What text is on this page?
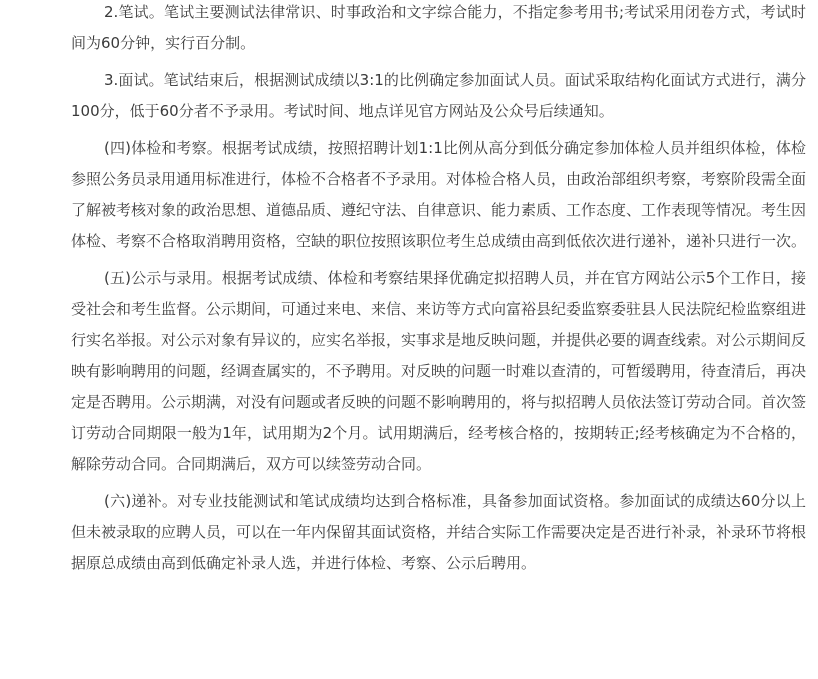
2.笔试。笔试主要测试法律常识、时事政治和文字综合能力，不指定参考用书;考试采用闭卷方式，考试时间为60分钟，实行百分制。

3.面试。笔试结束后，根据测试成绩以3:1的比例确定参加面试人员。面试采取结构化面试方式进行，满分100分，低于60分者不予录用。考试时间、地点详见官方网站及公众号后续通知。

(四)体检和考察。根据考试成绩，按照招聘计划1:1比例从高分到低分确定参加体检人员并组织体检，体检参照公务员录用通用标准进行，体检不合格者不予录用。对体检合格人员，由政治部组织考察，考察阶段需全面了解被考核对象的政治思想、道德品质、遵纪守法、自律意识、能力素质、工作态度、工作表现等情况。考生因体检、考察不合格取消聘用资格，空缺的职位按照该职位考生总成绩由高到低依次进行递补，递补只进行一次。

(五)公示与录用。根据考试成绩、体检和考察结果择优确定拟招聘人员，并在官方网站公示5个工作日，接受社会和考生监督。公示期间，可通过来电、来信、来访等方式向富裕县纪委监察委驻县人民法院纪检监察组进行实名举报。对公示对象有异议的，应实名举报，实事求是地反映问题，并提供必要的调查线索。对公示期间反映有影响聘用的问题，经调查属实的，不予聘用。对反映的问题一时难以查清的，可暂缓聘用，待查清后，再决定是否聘用。公示期满，对没有问题或者反映的问题不影响聘用的，将与拟招聘人员依法签订劳动合同。首次签订劳动合同期限一般为1年，试用期为2个月。试用期满后，经考核合格的，按期转正;经考核确定为不合格的，解除劳动合同。合同期满后，双方可以续签劳动合同。

(六)递补。对专业技能测试和笔试成绩均达到合格标准，具备参加面试资格。参加面试的成绩达60分以上但未被录取的应聘人员，可以在一年内保留其面试资格，并结合实际工作需要决定是否进行补录，补录环节将根据原总成绩由高到低确定补录人选，并进行体检、考察、公示后聘用。
